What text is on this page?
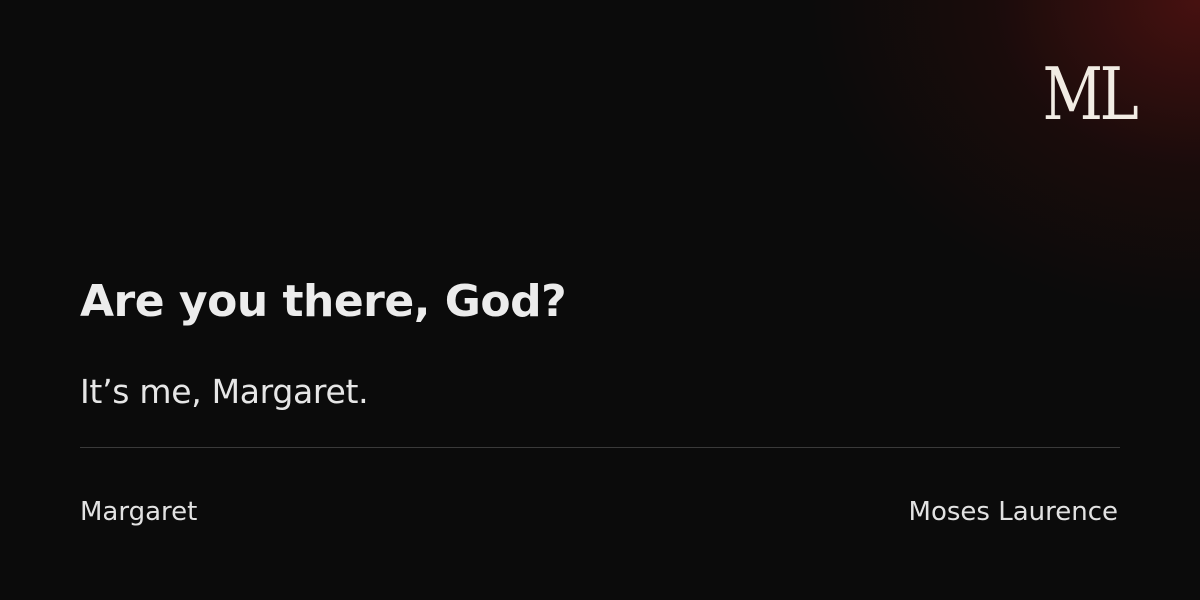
ML
Are you there, God?
It’s me, Margaret.
Margaret	Moses Laurence
